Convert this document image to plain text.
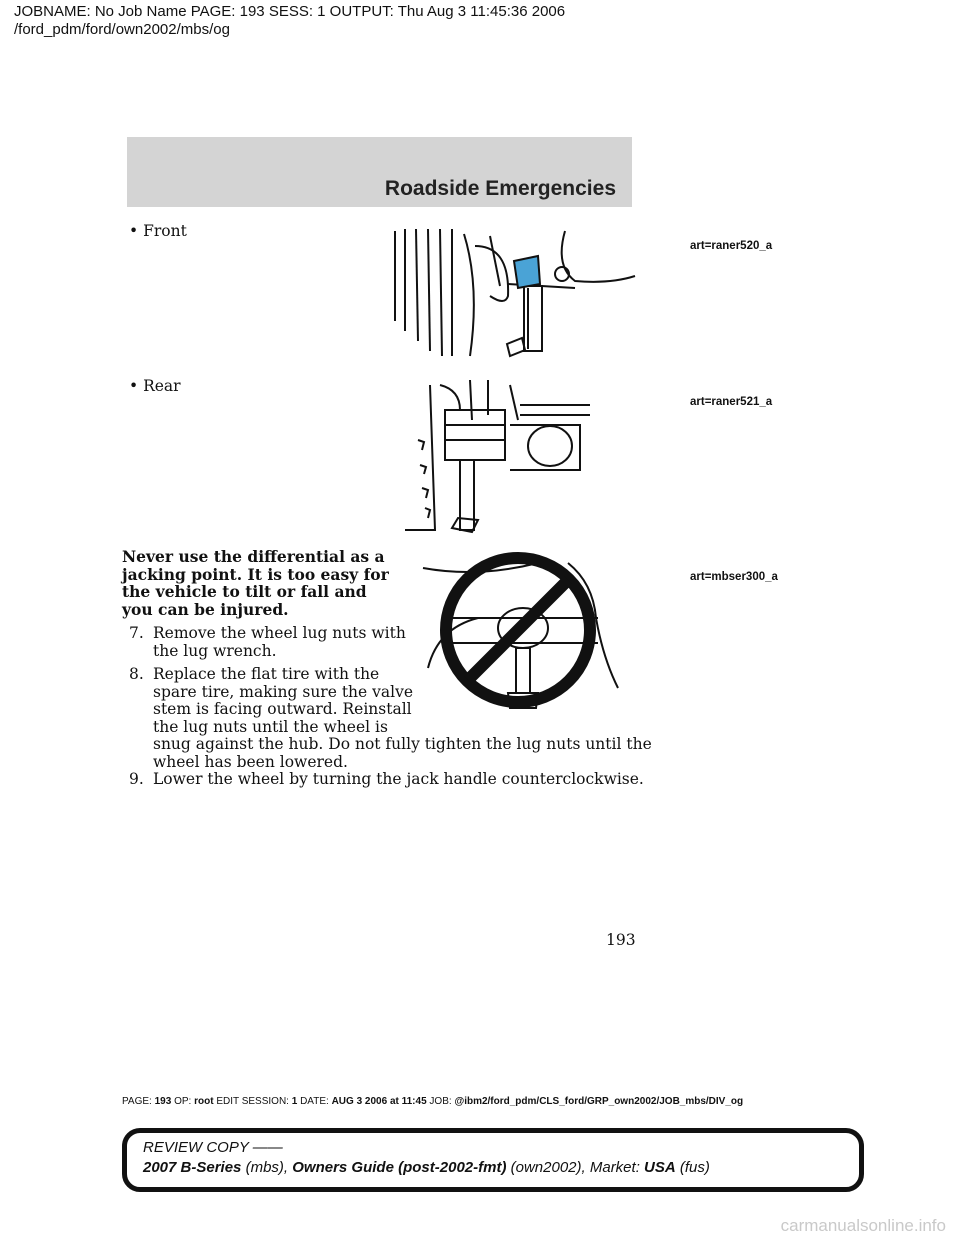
JOBNAME: No Job Name PAGE: 193 SESS: 1 OUTPUT: Thu Aug 3 11:45:36 2006
/ford_pdm/ford/own2002/mbs/og
Roadside Emergencies
• Front
art=raner520_a
• Rear
art=raner521_a
Never use the differential as a jacking point. It is too easy for the vehicle to tilt or fall and you can be injured.
art=mbser300_a
7. Remove the wheel lug nuts with
the lug wrench.
8. Replace the flat tire with the
spare tire, making sure the valve
stem is facing outward. Reinstall
the lug nuts until the wheel is
snug against the hub. Do not fully tighten the lug nuts until the
wheel has been lowered.
9. Lower the wheel by turning the jack handle counterclockwise.
193
PAGE: 193 OP: root EDIT SESSION: 1 DATE: AUG 3 2006 at 11:45 JOB: @ibm2/ford_pdm/CLS_ford/GRP_own2002/JOB_mbs/DIV_og
REVIEW COPY ——
2007 B-Series (mbs), Owners Guide (post-2002-fmt) (own2002), Market: USA (fus)
carmanualsonline.info
